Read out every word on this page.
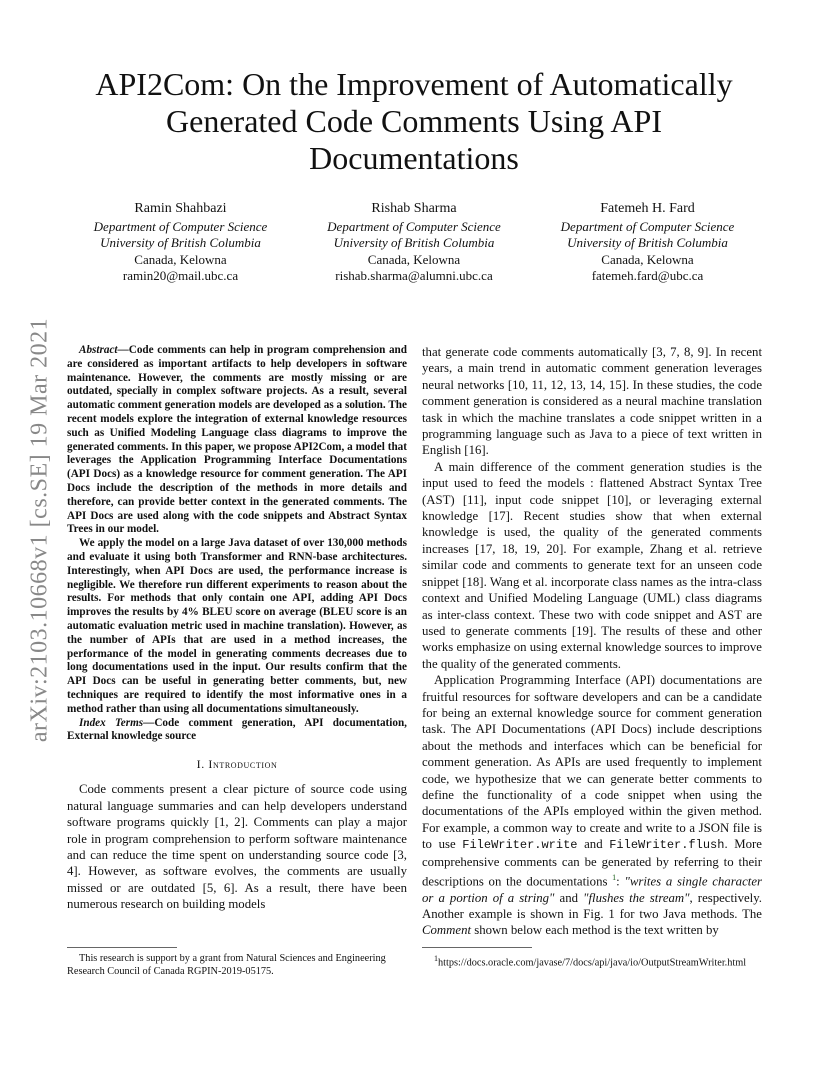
arXiv:2103.10668v1 [cs.SE] 19 Mar 2021
API2Com: On the Improvement of Automatically Generated Code Comments Using API Documentations
Ramin Shahbazi
Department of Computer Science
University of British Columbia
Canada, Kelowna
ramin20@mail.ubc.ca
Rishab Sharma
Department of Computer Science
University of British Columbia
Canada, Kelowna
rishab.sharma@alumni.ubc.ca
Fatemeh H. Fard
Department of Computer Science
University of British Columbia
Canada, Kelowna
fatemeh.fard@ubc.ca

Abstract—Code comments can help in program comprehension and are considered as important artifacts to help developers in software maintenance. However, the comments are mostly missing or are outdated, specially in complex software projects. As a result, several automatic comment generation models are developed as a solution. The recent models explore the integration of external knowledge resources such as Unified Modeling Language class diagrams to improve the generated comments. In this paper, we propose API2Com, a model that leverages the Application Programming Interface Documentations (API Docs) as a knowledge resource for comment generation. The API Docs include the description of the methods in more details and therefore, can provide better context in the generated comments. The API Docs are used along with the code snippets and Abstract Syntax Trees in our model.

We apply the model on a large Java dataset of over 130,000 methods and evaluate it using both Transformer and RNN-base architectures. Interestingly, when API Docs are used, the performance increase is negligible. We therefore run different experiments to reason about the results. For methods that only contain one API, adding API Docs improves the results by 4% BLEU score on average (BLEU score is an automatic evaluation metric used in machine translation). However, as the number of APIs that are used in a method increases, the performance of the model in generating comments decreases due to long documentations used in the input. Our results confirm that the API Docs can be useful in generating better comments, but, new techniques are required to identify the most informative ones in a method rather than using all documentations simultaneously.

Index Terms—Code comment generation, API documentation, External knowledge source

I. Introduction

Code comments present a clear picture of source code using natural language summaries and can help developers understand software programs quickly [1, 2]. Comments can play a major role in program comprehension to perform software maintenance and can reduce the time spent on understanding source code [3, 4]. However, as software evolves, the comments are usually missed or are outdated [5, 6]. As a result, there have been numerous research on building models

that generate code comments automatically [3, 7, 8, 9]. In recent years, a main trend in automatic comment generation leverages neural networks [10, 11, 12, 13, 14, 15]. In these studies, the code comment generation is considered as a neural machine translation task in which the machine translates a code snippet written in a programming language such as Java to a piece of text written in English [16].

A main difference of the comment generation studies is the input used to feed the models : flattened Abstract Syntax Tree (AST) [11], input code snippet [10], or leveraging external knowledge [17]. Recent studies show that when external knowledge is used, the quality of the generated comments increases [17, 18, 19, 20]. For example, Zhang et al. retrieve similar code and comments to generate text for an unseen code snippet [18]. Wang et al. incorporate class names as the intra-class context and Unified Modeling Language (UML) class diagrams as inter-class context. These two with code snippet and AST are used to generate comments [19]. The results of these and other works emphasize on using external knowledge sources to improve the quality of the generated comments.

Application Programming Interface (API) documentations are fruitful resources for software developers and can be a candidate for being an external knowledge source for comment generation task. The API Documentations (API Docs) include descriptions about the methods and interfaces which can be beneficial for comment generation. As APIs are used frequently to implement code, we hypothesize that we can generate better comments to define the functionality of a code snippet when using the documentations of the APIs employed within the given method. For example, a common way to create and write to a JSON file is to use FileWriter.write and FileWriter.flush. More comprehensive comments can be generated by referring to their descriptions on the documentations $^1$: "writes a single character or a portion of a string" and "flushes the stream", respectively. Another example is shown in Fig. 1 for two Java methods. The Comment shown below each method is the text written by

This research is support by a grant from Natural Sciences and Engineering Research Council of Canada RGPIN-2019-05175.

$^1$https://docs.oracle.com/javase/7/docs/api/java/io/OutputStreamWriter.html
